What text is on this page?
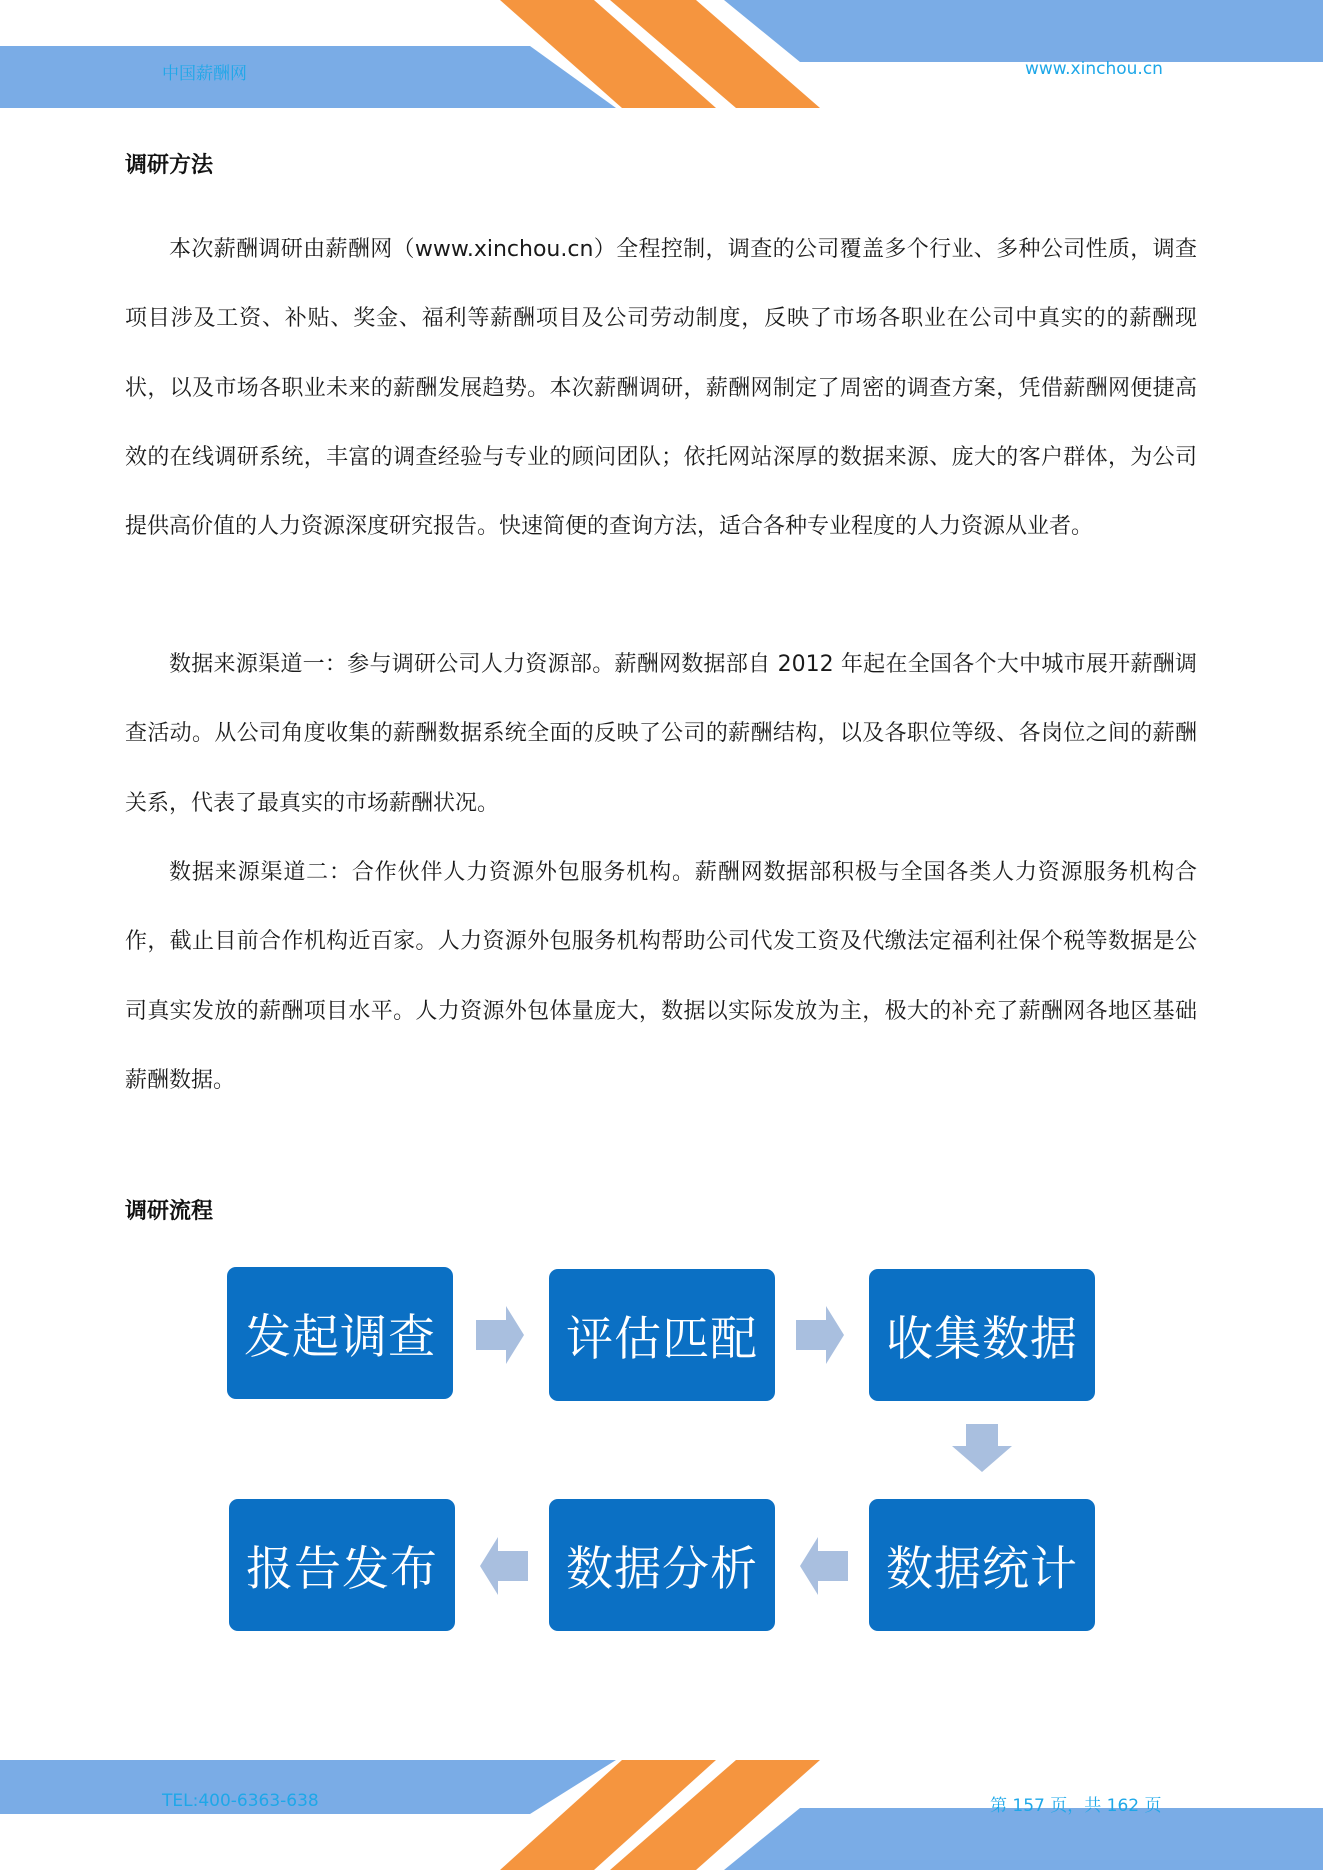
中国薪酬网	www.xinchou.cn
调研方法

本次薪酬调研由薪酬网（www.xinchou.cn）全程控制，调查的公司覆盖多个行业、多种公司性质，调查项目涉及工资、补贴、奖金、福利等薪酬项目及公司劳动制度，反映了市场各职业在公司中真实的的薪酬现状，以及市场各职业未来的薪酬发展趋势。本次薪酬调研，薪酬网制定了周密的调查方案，凭借薪酬网便捷高效的在线调研系统，丰富的调查经验与专业的顾问团队；依托网站深厚的数据来源、庞大的客户群体，为公司提供高价值的人力资源深度研究报告。快速简便的查询方法，适合各种专业程度的人力资源从业者。

数据来源渠道一：参与调研公司人力资源部。薪酬网数据部自 2012 年起在全国各个大中城市展开薪酬调查活动。从公司角度收集的薪酬数据系统全面的反映了公司的薪酬结构，以及各职位等级、各岗位之间的薪酬关系，代表了最真实的市场薪酬状况。

数据来源渠道二：合作伙伴人力资源外包服务机构。薪酬网数据部积极与全国各类人力资源服务机构合作，截止目前合作机构近百家。人力资源外包服务机构帮助公司代发工资及代缴法定福利社保个税等数据是公司真实发放的薪酬项目水平。人力资源外包体量庞大，数据以实际发放为主，极大的补充了薪酬网各地区基础薪酬数据。

调研流程
发起调查	评估匹配	收集数据
数据统计
数据分析
报告发布
TEL:400-6363-638	第 157 页，共 162 页
